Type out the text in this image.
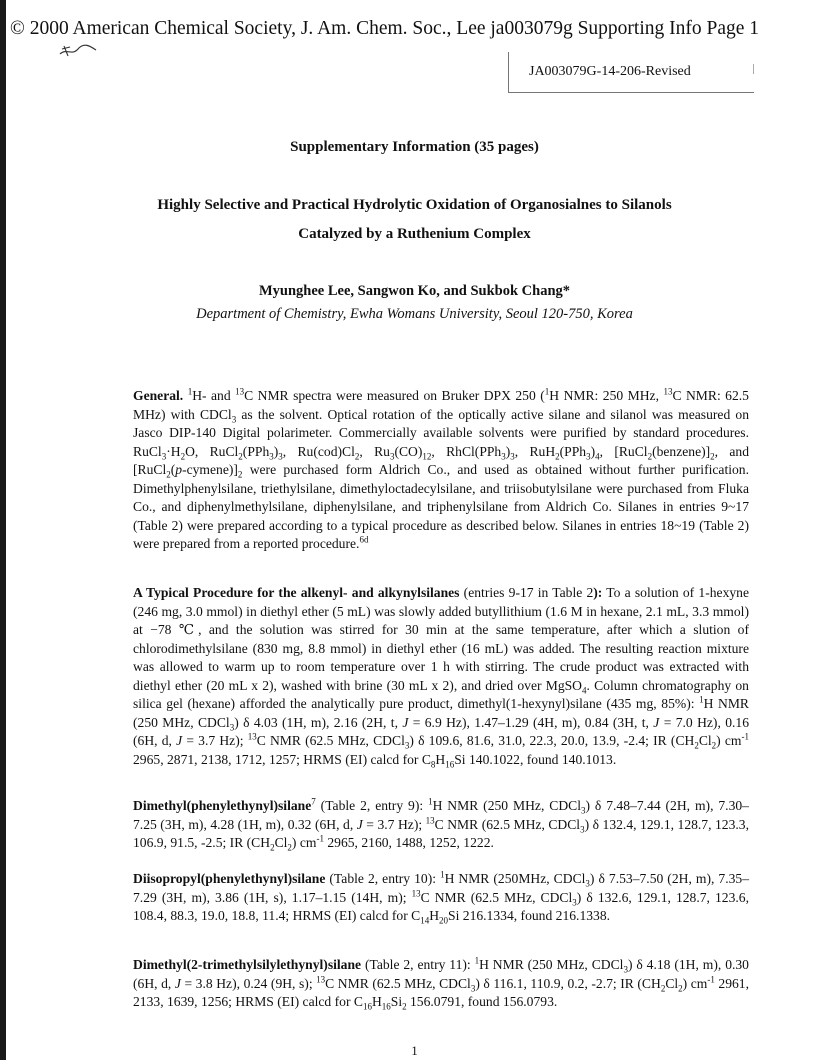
© 2000 American Chemical Society, J. Am. Chem. Soc., Lee ja003079g Supporting Info Page 1
JA003079G-14-206-Revised
Supplementary Information (35 pages)
Highly Selective and Practical Hydrolytic Oxidation of Organosialnes to Silanols
Catalyzed by a Ruthenium Complex
Myunghee Lee, Sangwon Ko, and Sukbok Chang*
Department of Chemistry, Ewha Womans University, Seoul 120-750, Korea

General. $^1$H- and $^{13}$C NMR spectra were measured on Bruker DPX 250 ($^1$H NMR: 250 MHz, $^{13}$C NMR: 62.5 MHz) with CDCl$_3$ as the solvent. Optical rotation of the optically active silane and silanol was measured on Jasco DIP-140 Digital polarimeter. Commercially available solvents were purified by standard procedures. $RuCl_3\cdot H_2O$, $RuCl_2(PPh_3)_3$, $Ru(cod)Cl_2$, $Ru_3(CO)_{12}$, $RhCl(PPh_3)_3$, $RuH_2(PPh_3)_4$, $[RuCl_2(benzene)]_2$, and $[RuCl_2(p-cymene)]_2$ were purchased form Aldrich Co., and used as obtained without further purification. Dimethylphenylsilane, triethylsilane, dimethyloctadecylsilane, and triisobutylsilane were purchased from Fluka Co., and diphenylmethylsilane, diphenylsilane, and triphenylsilane from Aldrich Co. Silanes in entries 9~17 (Table 2) were prepared according to a typical procedure as described below. Silanes in entries 18~19 (Table 2) were prepared from a reported procedure.$^{6d}$

A Typical Procedure for the alkenyl- and alkynylsilanes (entries 9-17 in Table 2): To a solution of 1-hexyne (246 mg, 3.0 mmol) in diethyl ether (5 mL) was slowly added butyllithium (1.6 M in hexane, 2.1 mL, 3.3 mmol) at −78 ℃, and the solution was stirred for 30 min at the same temperature, after which a slution of chlorodimethylsilane (830 mg, 8.8 mmol) in diethyl ether (16 mL) was added. The resulting reaction mixture was allowed to warm up to room temperature over 1 h with stirring. The crude product was extracted with diethyl ether (20 mL x 2), washed with brine (30 mL x 2), and dried over MgSO$_4$. Column chromatography on silica gel (hexane) afforded the analytically pure product, dimethyl(1-hexynyl)silane (435 mg, 85%): $^1$H NMR (250 MHz, CDCl$_3$) δ 4.03 (1H, m), 2.16 (2H, t, J = 6.9 Hz), 1.47–1.29 (4H, m), 0.84 (3H, t, J = 7.0 Hz), 0.16 (6H, d, J = 3.7 Hz); $^{13}$C NMR (62.5 MHz, CDCl$_3$) δ 109.6, 81.6, 31.0, 22.3, 20.0, 13.9, -2.4; IR $(CH_2Cl_2)$ $cm^{-1}$ 2965, 2871, 2138, 1712, 1257; HRMS (EI) calcd for $C_8H_{16}Si$ 140.1022, found 140.1013.

Dimethyl(phenylethynyl)silane$^7$ (Table 2, entry 9): $^1$H NMR (250 MHz, CDCl$_3$) δ 7.48–7.44 (2H, m), 7.30–7.25 (3H, m), 4.28 (1H, m), 0.32 (6H, d, J = 3.7 Hz); $^{13}$C NMR (62.5 MHz, CDCl$_3$) δ 132.4, 129.1, 128.7, 123.3, 106.9, 91.5, -2.5; IR $(CH_2Cl_2)$ $cm^{-1}$ 2965, 2160, 1488, 1252, 1222.

Diisopropyl(phenylethynyl)silane (Table 2, entry 10): $^1$H NMR (250MHz, CDCl$_3$) δ 7.53–7.50 (2H, m), 7.35–7.29 (3H, m), 3.86 (1H, s), 1.17–1.15 (14H, m); $^{13}$C NMR (62.5 MHz, CDCl$_3$) δ 132.6, 129.1, 128.7, 123.6, 108.4, 88.3, 19.0, 18.8, 11.4; HRMS (EI) calcd for $C_{14}H_{20}Si$ 216.1334, found 216.1338.

Dimethyl(2-trimethylsilylethynyl)silane (Table 2, entry 11): $^1$H NMR (250 MHz, CDCl$_3$) δ 4.18 (1H, m), 0.30 (6H, d, J = 3.8 Hz), 0.24 (9H, s); $^{13}$C NMR (62.5 MHz, CDCl$_3$) δ 116.1, 110.9, 0.2, -2.7; IR $(CH_2Cl_2)$ $cm^{-1}$ 2961, 2133, 1639, 1256; HRMS (EI) calcd for $C_{16}H_{16}Si_2$ 156.0791, found 156.0793.

1
